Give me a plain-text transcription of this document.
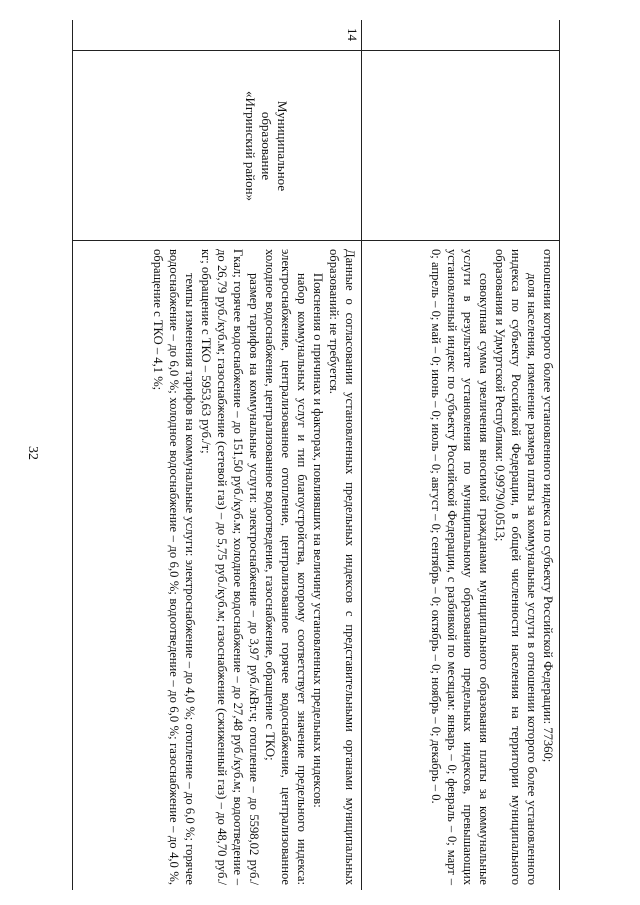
32	отношении которого более установленного индекса по субъекту Российской Федерации: 77360;

доля населения, изменение размера платы за коммунальные услуги в отношении которого более установленного индекса по субъекту Российской Федерации, в общей численности населения на территории муниципального образования и Удмуртской Республики: 0,9979/0,0513;

совокупная сумма увеличения вносимой гражданами муниципального образования платы за коммунальные услуги в результате установления по муниципальному образованию предельных индексов, превышающих установленный индекс по субъекту Российской Федерации, с разбивкой по месяцам: январь – 0; февраль – 0; март – 0; апрель – 0; май – 0; июнь – 0; июль – 0; август – 0; сентябрь – 0; октябрь – 0; ноябрь – 0; декабрь – 0.

14
Муниципальное
образование
«Игринский район»

Данные о согласовании установленных предельных индексов с представительными органами муниципальных образований: не требуется.

Пояснения о причинах и факторах, повлиявших на величину установленных предельных индексов:

набор коммунальных услуг и тип благоустройства, которому соответствует значение предельного индекса: электроснабжение, централизованное отопление, централизованное горячее водоснабжение, централизованное холодное водоснабжение, централизованное водоотведение, газоснабжение, обращение с ТКО;

размер тарифов на коммунальные услуги: электроснабжение – до 3,97 руб./кВт.ч; отопление – до 5598,02 руб./Гкал; горячее водоснабжение – до 151,50 руб./куб.м; холодное водоснабжение – до 27,48 руб./куб.м; водоотведение – до 26,79 руб./куб.м; газоснабжение (сетевой газ) – до 5,75 руб./куб.м; газоснабжение (сжиженный газ) – до 48,70 руб./кг; обращение с ТКО – 5953,63 руб./т;

темпы изменения тарифов на коммунальные услуги: электроснабжение – до 4,0 %; отопление – до 6,0 %; горячее водоснабжение – до 6,0 %; холодное водоснабжение – до 6,0 %; водоотведение – до 6,0 %; газоснабжение – до 4,0 %, обращение с ТКО – 4,1 %;
